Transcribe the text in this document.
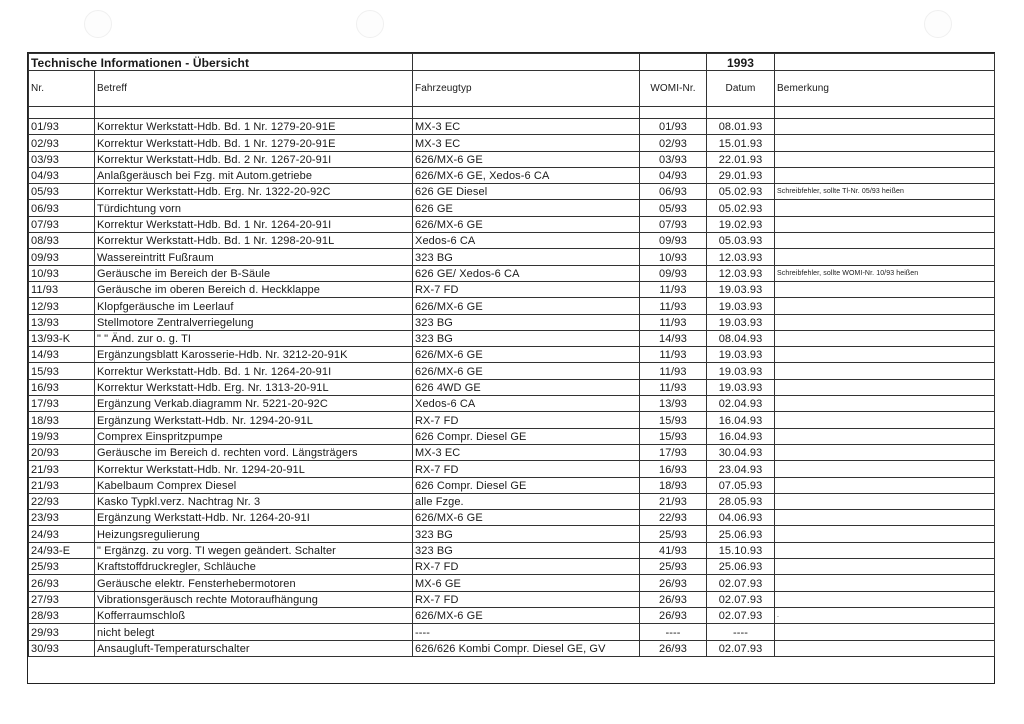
Technische Informationen - Übersicht				1993	
Nr.	Betreff	Fahrzeugtyp	WOMI-Nr.	Datum	Bemerkung

01/93	Korrektur Werkstatt-Hdb. Bd. 1 Nr. 1279-20-91E	MX-3 EC	01/93	08.01.93	
02/93	Korrektur Werkstatt-Hdb. Bd. 1 Nr. 1279-20-91E	MX-3 EC	02/93	15.01.93	
03/93	Korrektur Werkstatt-Hdb. Bd. 2 Nr. 1267-20-91I	626/MX-6 GE	03/93	22.01.93	
04/93	Anlaßgeräusch bei Fzg. mit Autom.getriebe	626/MX-6 GE, Xedos-6 CA	04/93	29.01.93	
05/93	Korrektur Werkstatt-Hdb. Erg. Nr. 1322-20-92C	626 GE Diesel	06/93	05.02.93	Schreibfehler, sollte Tl-Nr. 05/93 heißen
06/93	Türdichtung vorn	626 GE	05/93	05.02.93	
07/93	Korrektur Werkstatt-Hdb. Bd. 1 Nr. 1264-20-91I	626/MX-6 GE	07/93	19.02.93	
08/93	Korrektur Werkstatt-Hdb. Bd. 1 Nr. 1298-20-91L	Xedos-6 CA	09/93	05.03.93	
09/93	Wassereintritt Fußraum	323 BG	10/93	12.03.93	
10/93	Geräusche im Bereich der B-Säule	626 GE/ Xedos-6 CA	09/93	12.03.93	Schreibfehler, sollte WOMI-Nr. 10/93 heißen
11/93	Geräusche im oberen Bereich d. Heckklappe	RX-7 FD	11/93	19.03.93	
12/93	Klopfgeräusche im Leerlauf	626/MX-6 GE	11/93	19.03.93	
13/93	Stellmotore Zentralverriegelung	323 BG	11/93	19.03.93	
13/93-K	" " Änd. zur o. g. TI	323 BG	14/93	08.04.93	
14/93	Ergänzungsblatt Karosserie-Hdb. Nr. 3212-20-91K	626/MX-6 GE	11/93	19.03.93	
15/93	Korrektur Werkstatt-Hdb. Bd. 1 Nr. 1264-20-91I	626/MX-6 GE	11/93	19.03.93	
16/93	Korrektur Werkstatt-Hdb. Erg. Nr. 1313-20-91L	626 4WD GE	11/93	19.03.93	
17/93	Ergänzung Verkab.diagramm Nr. 5221-20-92C	Xedos-6 CA	13/93	02.04.93	
18/93	Ergänzung Werkstatt-Hdb. Nr. 1294-20-91L	RX-7 FD	15/93	16.04.93	
19/93	Comprex Einspritzpumpe	626 Compr. Diesel GE	15/93	16.04.93	
20/93	Geräusche im Bereich d. rechten vord. Längsträgers	MX-3 EC	17/93	30.04.93	
21/93	Korrektur Werkstatt-Hdb. Nr. 1294-20-91L	RX-7 FD	16/93	23.04.93	
21/93	Kabelbaum Comprex Diesel	626 Compr. Diesel GE	18/93	07.05.93	
22/93	Kasko Typkl.verz. Nachtrag Nr. 3	alle Fzge.	21/93	28.05.93	
23/93	Ergänzung Werkstatt-Hdb. Nr. 1264-20-91I	626/MX-6 GE	22/93	04.06.93	
24/93	Heizungsregulierung	323 BG	25/93	25.06.93	
24/93-E	" Ergänzg. zu vorg. TI wegen geändert. Schalter	323 BG	41/93	15.10.93	
25/93	Kraftstoffdruckregler, Schläuche	RX-7 FD	25/93	25.06.93	
26/93	Geräusche elektr. Fensterhebermotoren	MX-6 GE	26/93	02.07.93	
27/93	Vibrationsgeräusch rechte Motoraufhängung	RX-7 FD	26/93	02.07.93	
28/93	Kofferraumschloß	626/MX-6 GE	26/93	02.07.93	.
29/93	nicht belegt	----	----	----	
30/93	Ansaugluft-Temperaturschalter	626/626 Kombi Compr. Diesel GE, GV	26/93	02.07.93	
